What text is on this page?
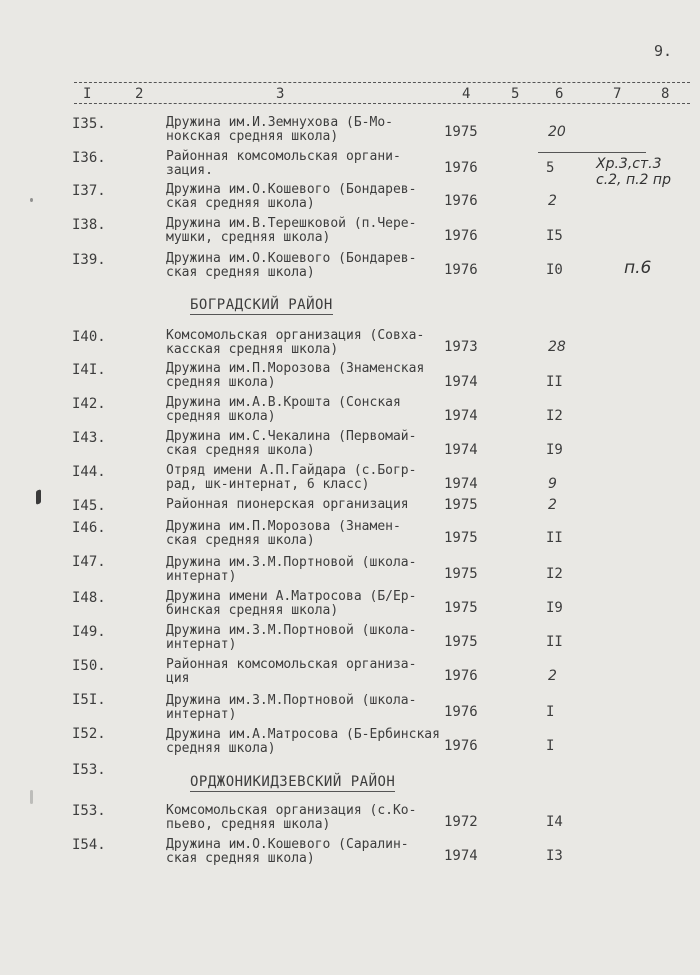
9.
I	2	3	4	5	6	7	8
I35.	Дружина им.И.Земнухова (Б-Мо-
нокская средняя школа)	1975	20
I36.	Районная комсомольская органи-
зация.	1976	5	Хр.3,ст.3
с.2, п.2 пр
I37.	Дружина им.О.Кошевого (Бондарев-
ская средняя школа)	1976	2
I38.	Дружина им.В.Терешковой (п.Чере-
мушки, средняя школа)	1976	I5
I39.	Дружина им.О.Кошевого (Бондарев-
ская средняя школа)	1976	I0	п.6
БОГРАДСКИЙ РАЙОН
I40.	Комсомольская организация (Совха-
касская средняя школа)	1973	28
I4I.	Дружина им.П.Морозова (Знаменская
средняя школа)	1974	II
I42.	Дружина им.А.В.Крошта (Сонская
средняя школа)	1974	I2
I43.	Дружина им.С.Чекалина (Первомай-
ская средняя школа)	1974	I9
I44.	Отряд имени А.П.Гайдара (с.Богр-
рад, шк-интернат, 6 класс)	1974	9
I45.	Районная пионерская организация	1975	2
I46.	Дружина им.П.Морозова (Знамен-
ская средняя школа)	1975	II
I47.	Дружина им.З.М.Портновой (школа-
интернат)	1975	I2
I48.	Дружина имени А.Матросова (Б/Ер-
бинская средняя школа)	1975	I9
I49.	Дружина им.З.М.Портновой (школа-
интернат)	1975	II
I50.	Районная комсомольская организа-
ция	1976	2
I5I.	Дружина им.З.М.Портновой (школа-
интернат)	1976	I
I52.	Дружина им.А.Матросова (Б-Ербинская
средняя школа)	1976	I
I53.
ОРДЖОНИКИДЗЕВСКИЙ РАЙОН
I53.	Комсомольская организация (с.Ко-
пьево, средняя школа)	1972	I4
I54.	Дружина им.О.Кошевого (Саралин-
ская средняя школа)	1974	I3
